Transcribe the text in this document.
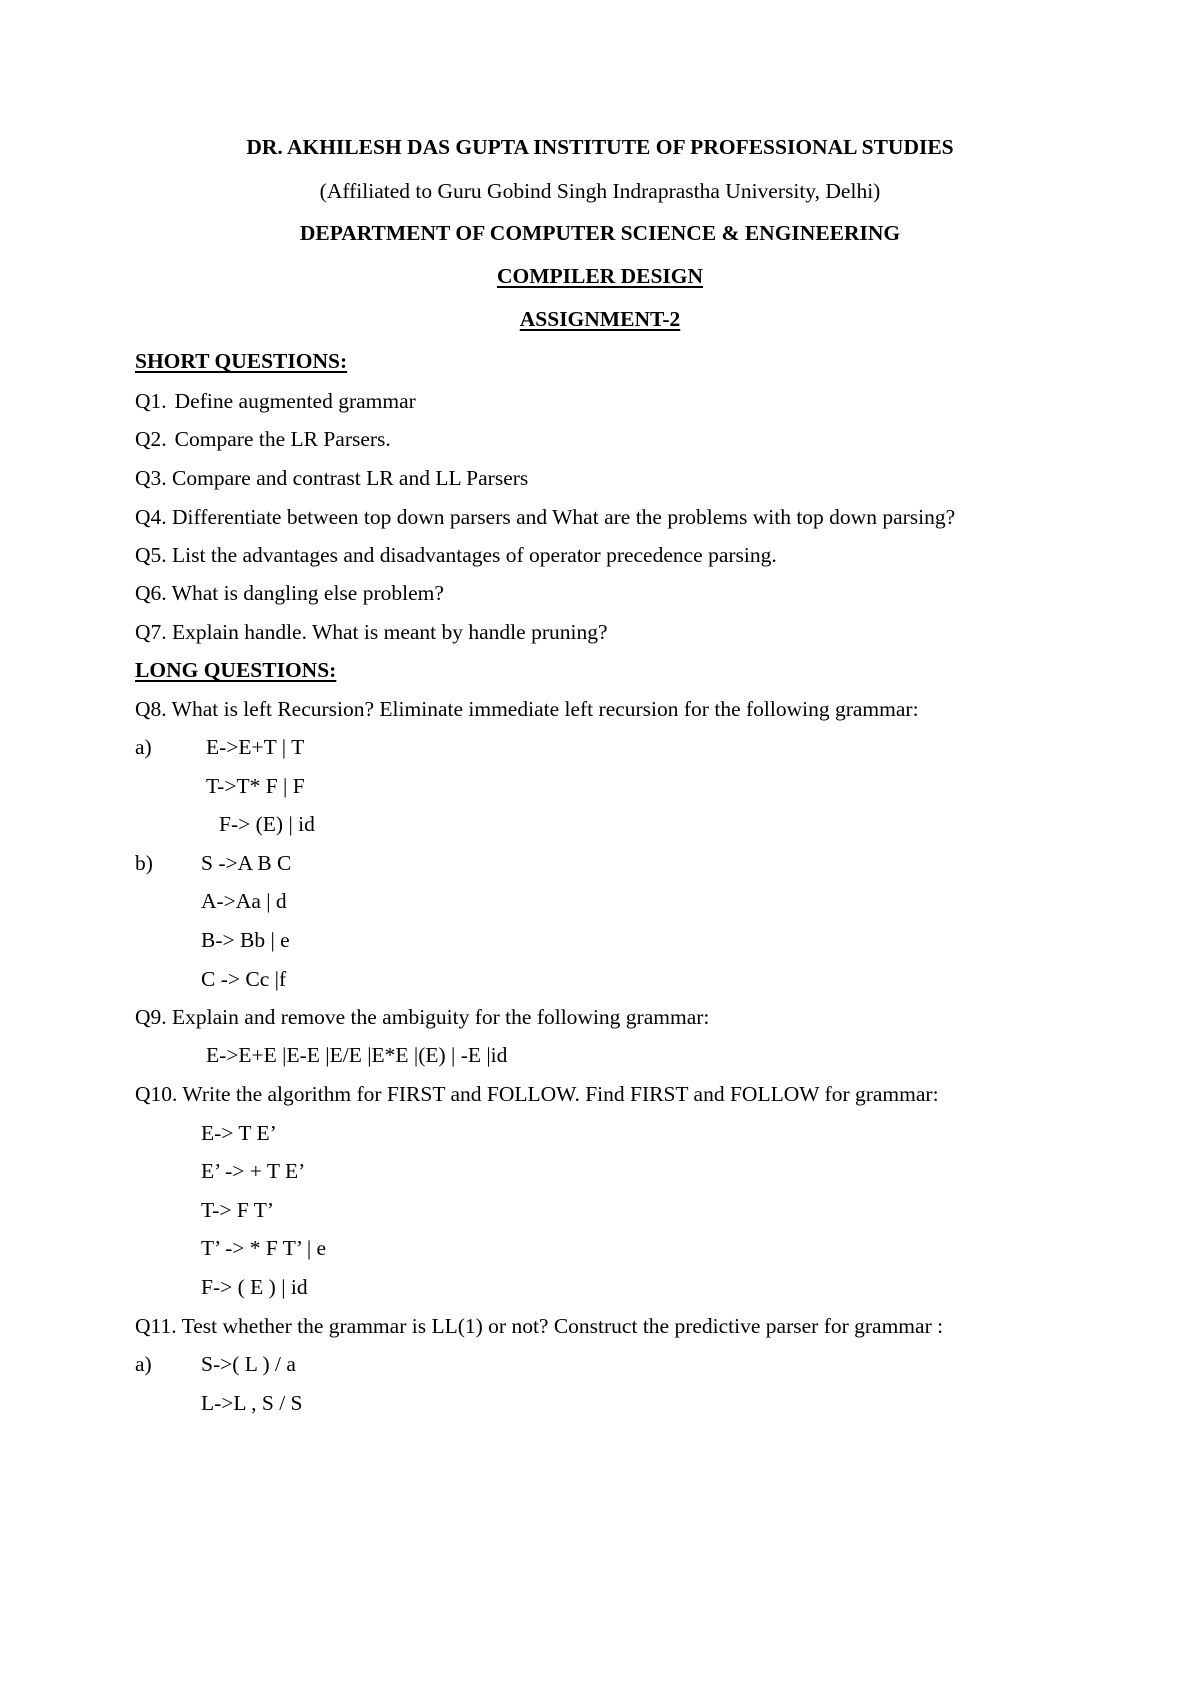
DR. AKHILESH DAS GUPTA INSTITUTE OF PROFESSIONAL STUDIES
(Affiliated to Guru Gobind Singh Indraprastha University, Delhi)
DEPARTMENT OF COMPUTER SCIENCE & ENGINEERING
COMPILER DESIGN
ASSIGNMENT-2
SHORT QUESTIONS:
Q1. Define augmented grammar
Q2. Compare the LR Parsers.
Q3. Compare and contrast LR and LL Parsers
Q4. Differentiate between top down parsers and What are the problems with top down parsing?
Q5. List the advantages and disadvantages of operator precedence parsing.
Q6. What is dangling else problem?
Q7. Explain handle. What is meant by handle pruning?
LONG QUESTIONS:
Q8. What is left Recursion? Eliminate immediate left recursion for the following grammar:
a)	E->E+T | T
T->T* F | F
F-> (E) | id
b) S ->A B C
A->Aa | d
B-> Bb | e
C -> Cc |f
Q9. Explain and remove the ambiguity for the following grammar:
E->E+E |E-E |E/E |E*E |(E) | -E |id
Q10. Write the algorithm for FIRST and FOLLOW. Find FIRST and FOLLOW for grammar:
E-> T E’
E’ -> + T E’
T-> F T’
T’ -> * F T’ | e
F-> ( E ) | id
Q11. Test whether the grammar is LL(1) or not? Construct the predictive parser for grammar :
a) S->( L ) / a
L->L , S / S
